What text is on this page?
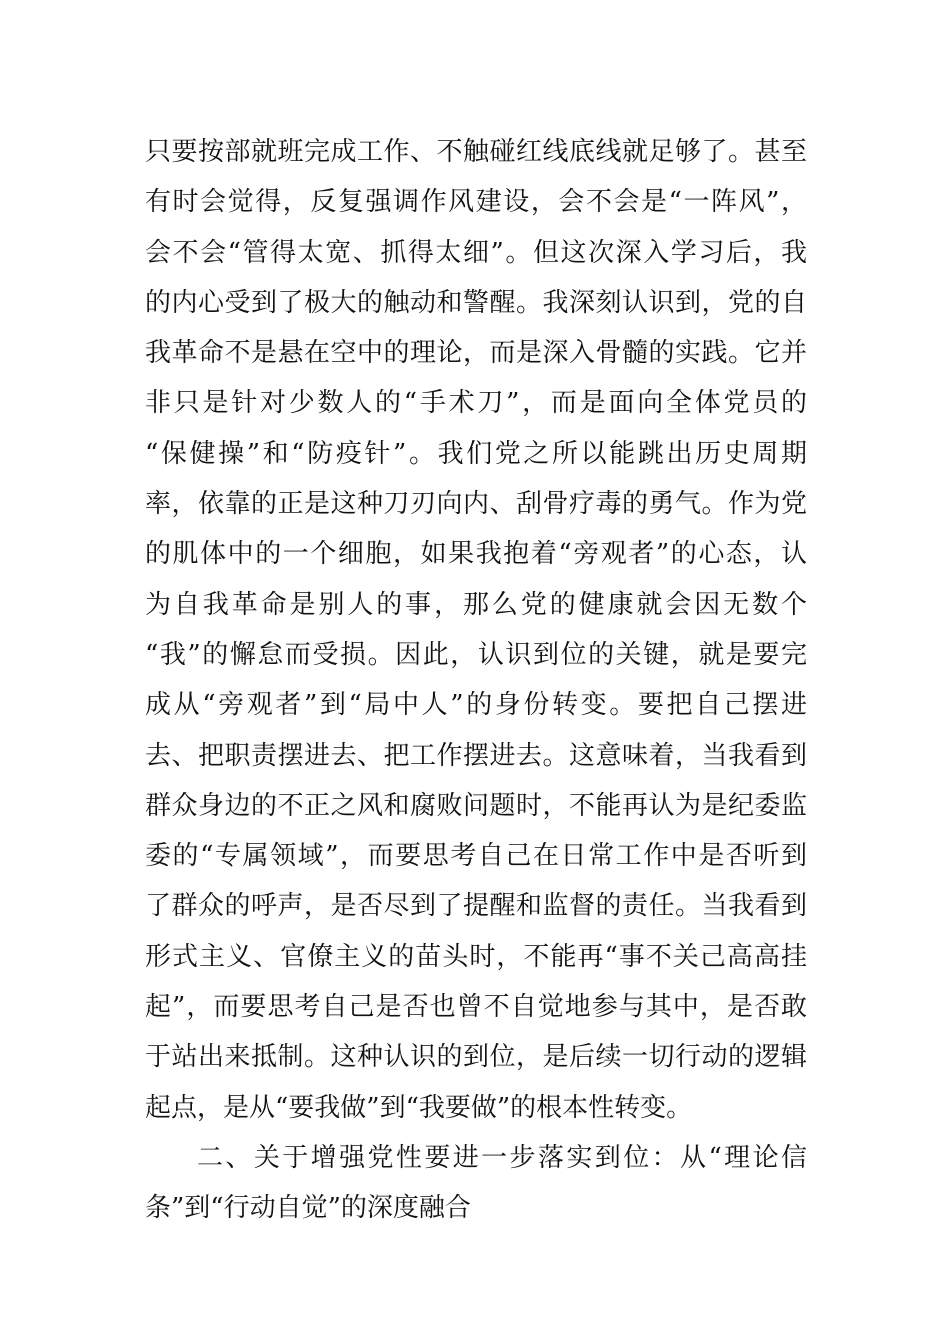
只要按部就班完成工作、不触碰红线底线就足够了。甚至
有时会觉得，反复强调作风建设，会不会是“一阵风”，
会不会“管得太宽、抓得太细”。但这次深入学习后，我
的内心受到了极大的触动和警醒。我深刻认识到，党的自
我革命不是悬在空中的理论，而是深入骨髓的实践。它并
非只是针对少数人的“手术刀”，而是面向全体党员的
“保健操”和“防疫针”。我们党之所以能跳出历史周期
率，依靠的正是这种刀刃向内、刮骨疗毒的勇气。作为党
的肌体中的一个细胞，如果我抱着“旁观者”的心态，认
为自我革命是别人的事，那么党的健康就会因无数个
“我”的懈怠而受损。因此，认识到位的关键，就是要完
成从“旁观者”到“局中人”的身份转变。要把自己摆进
去、把职责摆进去、把工作摆进去。这意味着，当我看到
群众身边的不正之风和腐败问题时，不能再认为是纪委监
委的“专属领域”，而要思考自己在日常工作中是否听到
了群众的呼声，是否尽到了提醒和监督的责任。当我看到
形式主义、官僚主义的苗头时，不能再“事不关己高高挂
起”，而要思考自己是否也曾不自觉地参与其中，是否敢
于站出来抵制。这种认识的到位，是后续一切行动的逻辑
起点，是从“要我做”到“我要做”的根本性转变。
二、关于增强党性要进一步落实到位：从“理论信
条”到“行动自觉”的深度融合
